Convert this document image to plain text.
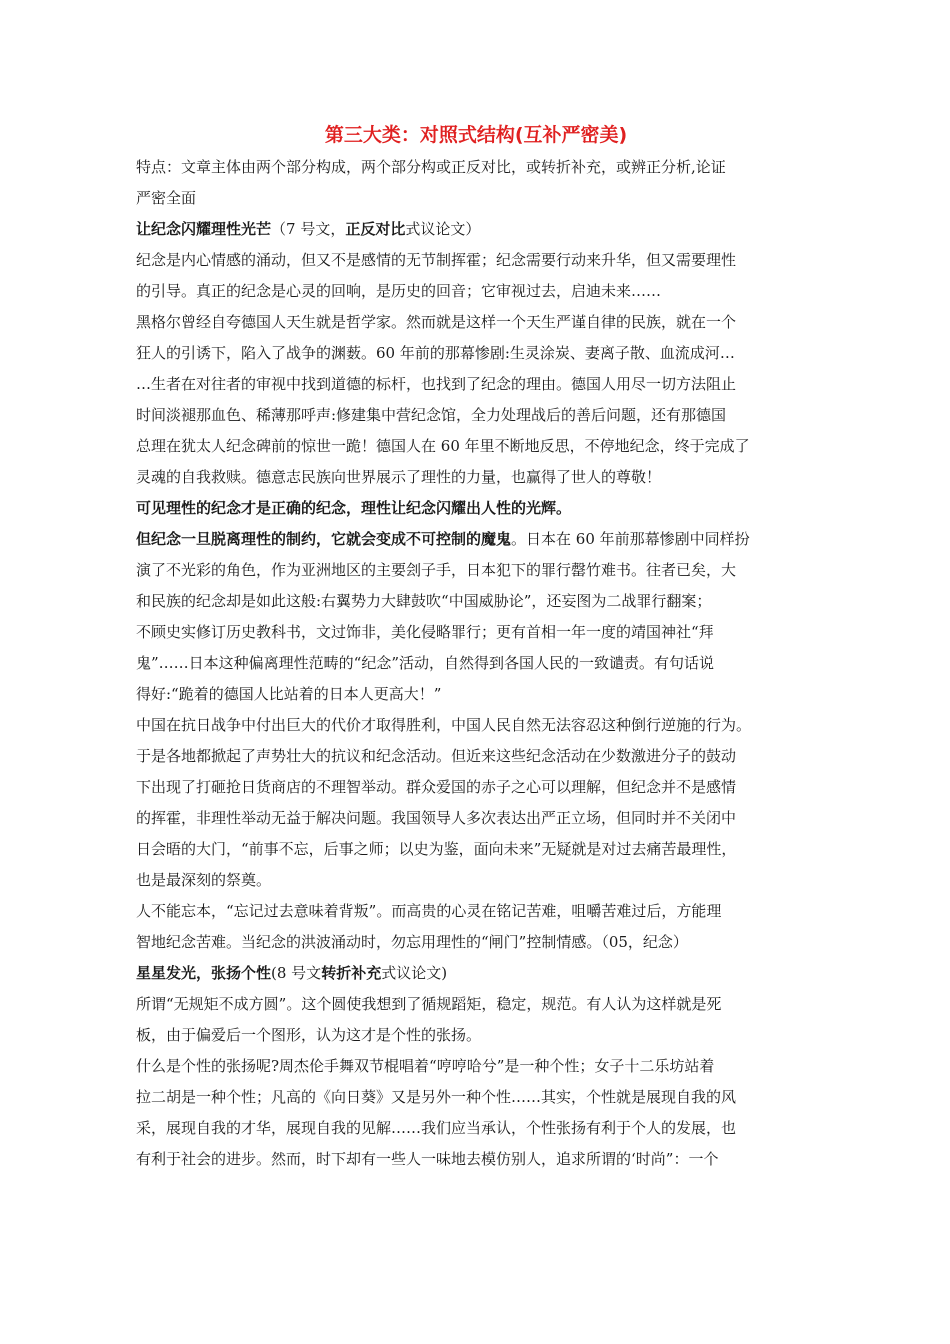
第三大类：对照式结构(互补严密美)

特点：文章主体由两个部分构成，两个部分构或正反对比，或转折补充，或辨正分析,论证

严密全面

让纪念闪耀理性光芒（7 号文，正反对比式议论文）

纪念是内心情感的涌动，但又不是感情的无节制挥霍；纪念需要行动来升华，但又需要理性

的引导。真正的纪念是心灵的回响，是历史的回音；它审视过去，启迪未来……

黑格尔曾经自夸德国人天生就是哲学家。然而就是这样一个天生严谨自律的民族，就在一个

狂人的引诱下，陷入了战争的渊薮。60 年前的那幕惨剧:生灵涂炭、妻离子散、血流成河…

…生者在对往者的审视中找到道德的标杆，也找到了纪念的理由。德国人用尽一切方法阻止

时间淡褪那血色、稀薄那呼声:修建集中营纪念馆，全力处理战后的善后问题，还有那德国

总理在犹太人纪念碑前的惊世一跪！德国人在 60 年里不断地反思，不停地纪念，终于完成了

灵魂的自我救赎。德意志民族向世界展示了理性的力量，也赢得了世人的尊敬！

可见理性的纪念才是正确的纪念，理性让纪念闪耀出人性的光辉。

但纪念一旦脱离理性的制约，它就会变成不可控制的魔鬼。日本在 60 年前那幕惨剧中同样扮

演了不光彩的角色，作为亚洲地区的主要刽子手，日本犯下的罪行罄竹难书。往者已矣，大

和民族的纪念却是如此这般:右翼势力大肆鼓吹“中国威胁论”，还妄图为二战罪行翻案；

不顾史实修订历史教科书，文过饰非，美化侵略罪行；更有首相一年一度的靖国神社“拜

鬼”……日本这种偏离理性范畴的“纪念”活动，自然得到各国人民的一致谴责。有句话说

得好:“跪着的德国人比站着的日本人更高大！”

中国在抗日战争中付出巨大的代价才取得胜利，中国人民自然无法容忍这种倒行逆施的行为。

于是各地都掀起了声势壮大的抗议和纪念活动。但近来这些纪念活动在少数激进分子的鼓动

下出现了打砸抢日货商店的不理智举动。群众爱国的赤子之心可以理解，但纪念并不是感情

的挥霍，非理性举动无益于解决问题。我国领导人多次表达出严正立场，但同时并不关闭中

日会晤的大门，“前事不忘，后事之师；以史为鉴，面向未来”无疑就是对过去痛苦最理性，

也是最深刻的祭奠。

人不能忘本，“忘记过去意味着背叛”。而高贵的心灵在铭记苦难，咀嚼苦难过后，方能理

智地纪念苦难。当纪念的洪波涌动时，勿忘用理性的“闸门”控制情感。（05，纪念）

星星发光，张扬个性(8 号文转折补充式议论文)

所谓“无规矩不成方圆”。这个圆使我想到了循规蹈矩，稳定，规范。有人认为这样就是死

板，由于偏爱后一个图形，认为这才是个性的张扬。

什么是个性的张扬呢?周杰伦手舞双节棍唱着“哼哼哈兮”是一种个性；女子十二乐坊站着

拉二胡是一种个性；凡高的《向日葵》又是另外一种个性……其实，个性就是展现自我的风

采，展现自我的才华，展现自我的见解……我们应当承认，个性张扬有利于个人的发展，也

有利于社会的进步。然而，时下却有一些人一味地去模仿别人，追求所谓的‘时尚”：一个
